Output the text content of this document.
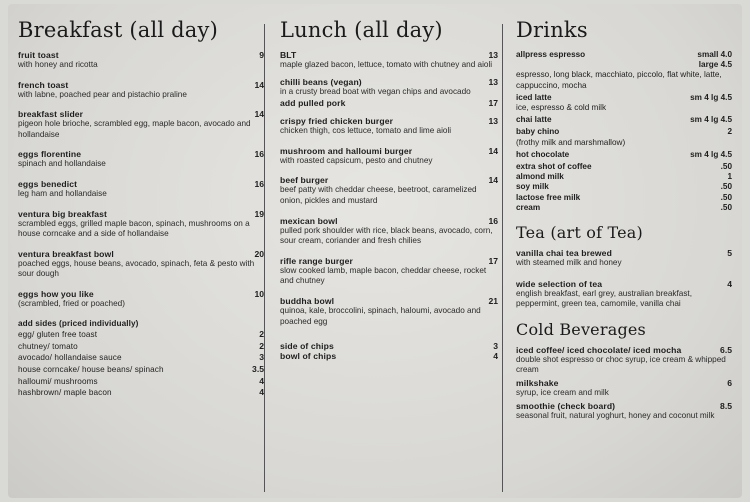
Breakfast (all day)
fruit toast	9
with honey and ricotta
french toast	14
with labne, poached pear and pistachio praline
breakfast slider	14
pigeon hole brioche, scrambled egg, maple bacon, avocado and hollandaise
eggs florentine	16
spinach and hollandaise
eggs benedict	16
leg ham and hollandaise
ventura big breakfast	19
scrambled eggs, grilled maple bacon, spinach, mushrooms on a house corncake and a side of hollandaise
ventura breakfast bowl	20
poached eggs, house beans, avocado, spinach, feta & pesto with sour dough
eggs how you like	10
(scrambled, fried or poached)
add sides (priced individually)
egg/ gluten free toast	2
chutney/ tomato	2
avocado/ hollandaise sauce	3
house corncake/ house beans/ spinach	3.5
halloumi/ mushrooms	4
hashbrown/ maple bacon	4
Lunch (all day)
BLT	13
maple glazed bacon, lettuce, tomato with chutney and aioli
chilli beans (vegan)	13
in a crusty bread boat with vegan chips and avocado
add pulled pork	17
crispy fried chicken burger	13
chicken thigh, cos lettuce, tomato and lime aioli
mushroom and halloumi burger	14
with roasted capsicum, pesto and chutney
beef burger	14
beef patty with cheddar cheese, beetroot, caramelized onion, pickles and mustard
mexican bowl	16
pulled pork shoulder with rice, black beans, avocado, corn, sour cream, coriander and fresh chilies
rifle range burger	17
slow cooked lamb, maple bacon, cheddar cheese, rocket and chutney
buddha bowl	21
quinoa, kale, broccolini, spinach, haloumi, avocado and poached egg
side of chips	3
bowl of chips	4
Drinks
allpress espresso	small 4.0
large 4.5
espresso, long black, macchiato, piccolo, flat white, latte, cappuccino, mocha
iced latte	sm 4 lg 4.5
ice, espresso & cold milk
chai latte	sm 4 lg 4.5
baby chino	2
(frothy milk and marshmallow)
hot chocolate	sm 4 lg 4.5
extra shot of coffee	.50
almond milk	1
soy milk	.50
lactose free milk	.50
cream	.50
Tea (art of Tea)
vanilla chai tea brewed	5
with steamed milk and honey
wide selection of tea	4
english breakfast, earl grey, australian breakfast, peppermint, green tea, camomile, vanilla chai
Cold Beverages
iced coffee/ iced chocolate/ iced mocha	6.5
double shot espresso or choc syrup, ice cream & whipped cream
milkshake	6
syrup, ice cream and milk
smoothie (check board)	8.5
seasonal fruit, natural yoghurt, honey and coconut milk
